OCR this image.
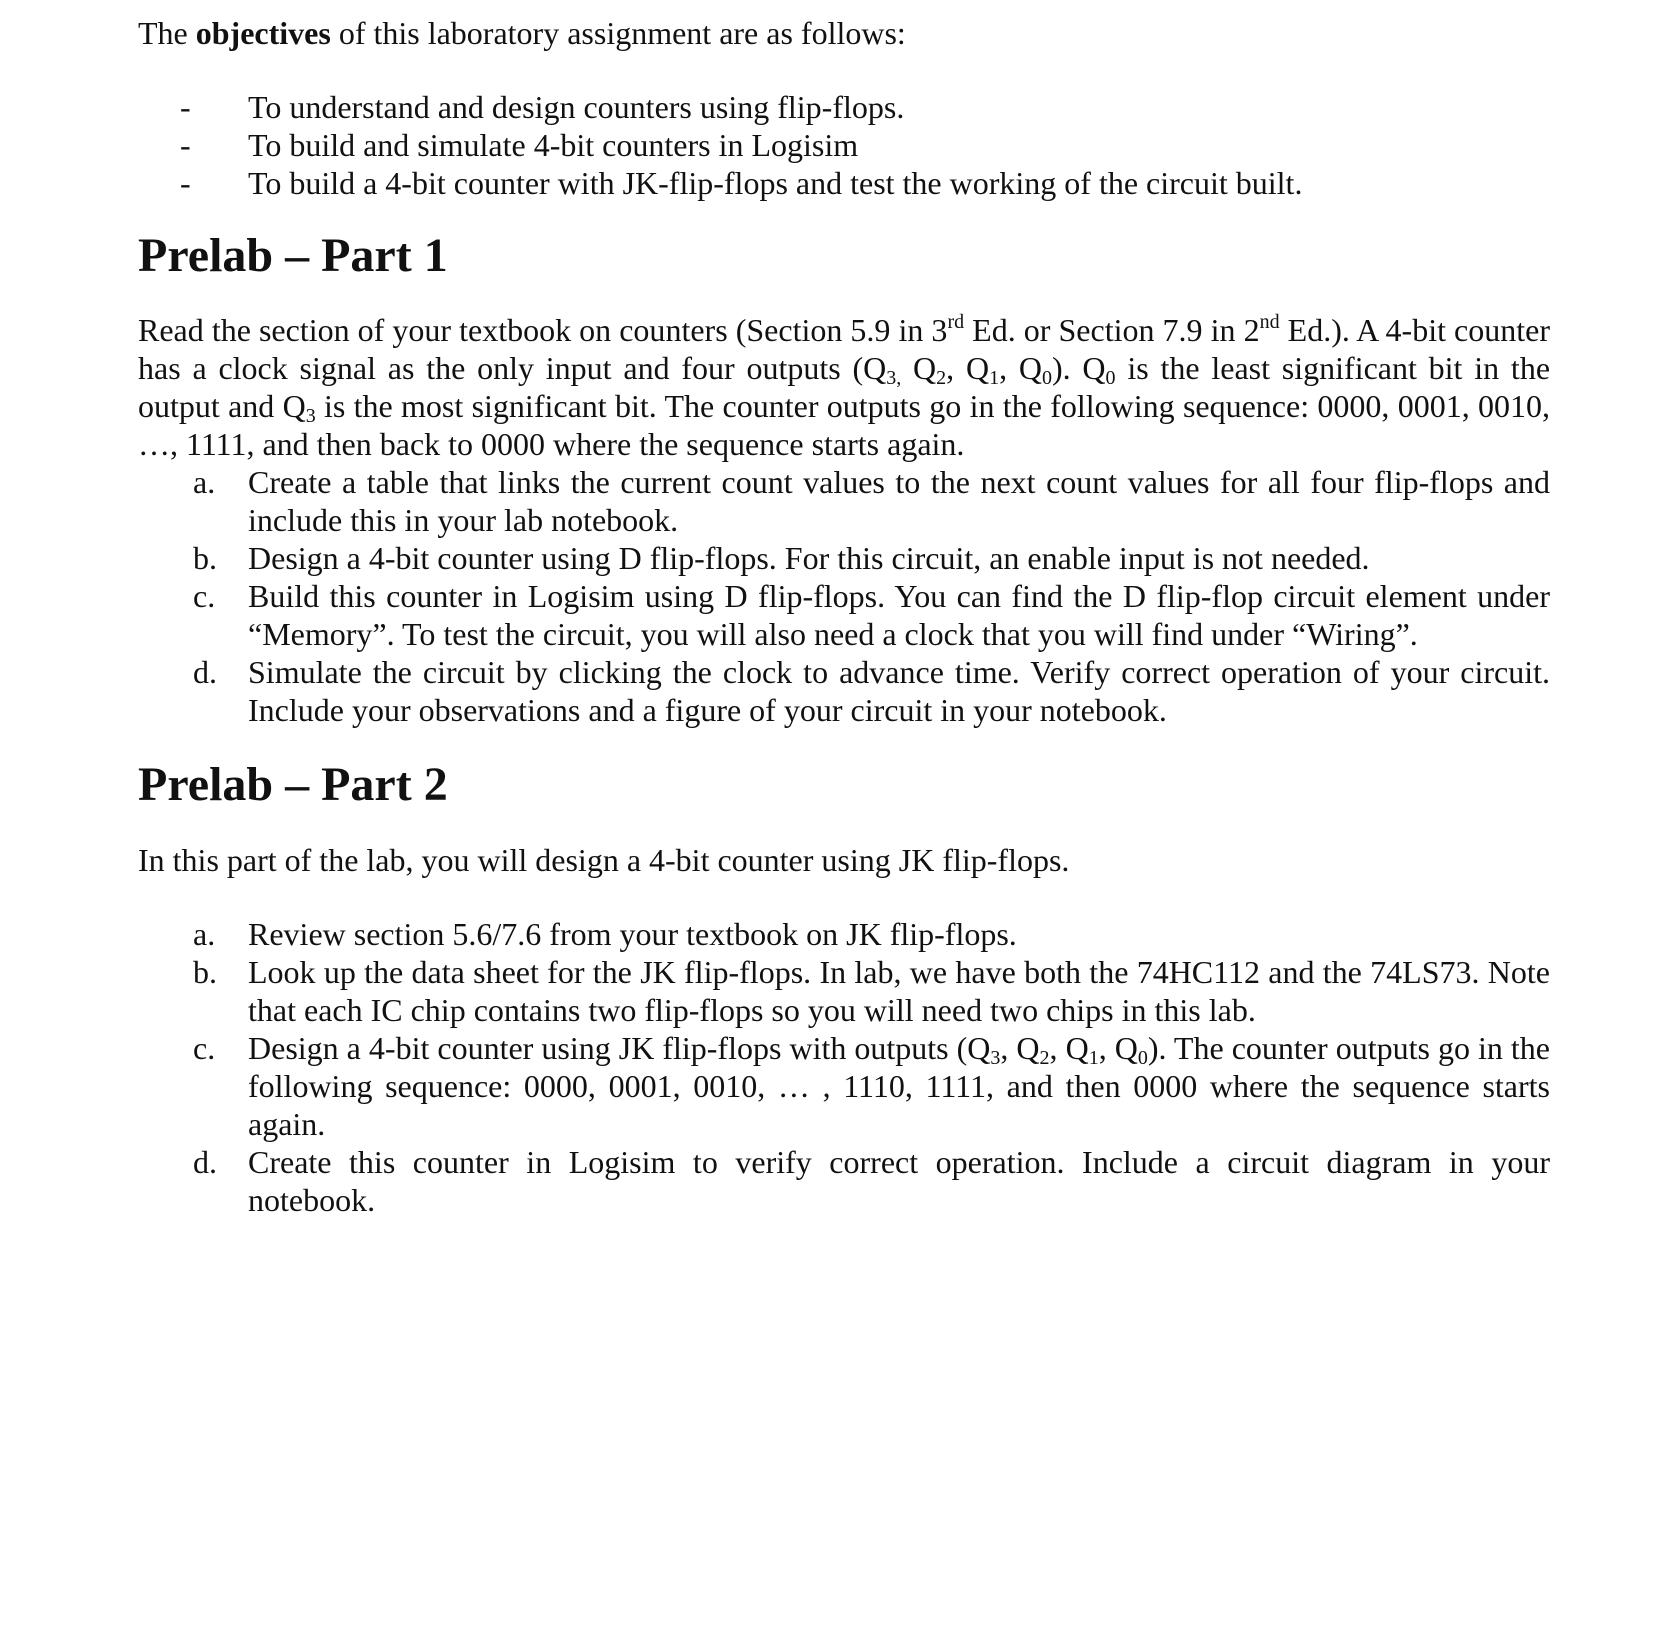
The objectives of this laboratory assignment are as follows:

- To understand and design counters using flip-flops.
- To build and simulate 4-bit counters in Logisim
- To build a 4-bit counter with JK-flip-flops and test the working of the circuit built.
Prelab – Part 1

Read the section of your textbook on counters (Section 5.9 in 3rd Ed. or Section 7.9 in 2nd Ed.). A 4-bit counter has a clock signal as the only input and four outputs ($Q_{3,}$ $Q_2$, $Q_1$, $Q_0$). $Q_0$ is the least significant bit in the output and $Q_3$ is the most significant bit. The counter outputs go in the following sequence: 0000, 0001, 0010, …, 1111, and then back to 0000 where the sequence starts again.

a. Create a table that links the current count values to the next count values for all four flip-flops and include this in your lab notebook.
b. Design a 4-bit counter using D flip-flops. For this circuit, an enable input is not needed.
c. Build this counter in Logisim using D flip-flops. You can find the D flip-flop circuit element under “Memory”. To test the circuit, you will also need a clock that you will find under “Wiring”.
d. Simulate the circuit by clicking the clock to advance time. Verify correct operation of your circuit. Include your observations and a figure of your circuit in your notebook.
Prelab – Part 2

In this part of the lab, you will design a 4-bit counter using JK flip-flops.

a. Review section 5.6/7.6 from your textbook on JK flip-flops.
b. Look up the data sheet for the JK flip-flops. In lab, we have both the 74HC112 and the 74LS73. Note that each IC chip contains two flip-flops so you will need two chips in this lab.
c. Design a 4-bit counter using JK flip-flops with outputs ($Q_3$, $Q_2$, $Q_1$, $Q_0$). The counter outputs go in the following sequence: 0000, 0001, 0010, … , 1110, 1111, and then 0000 where the sequence starts again.
d. Create this counter in Logisim to verify correct operation. Include a circuit diagram in your notebook.
